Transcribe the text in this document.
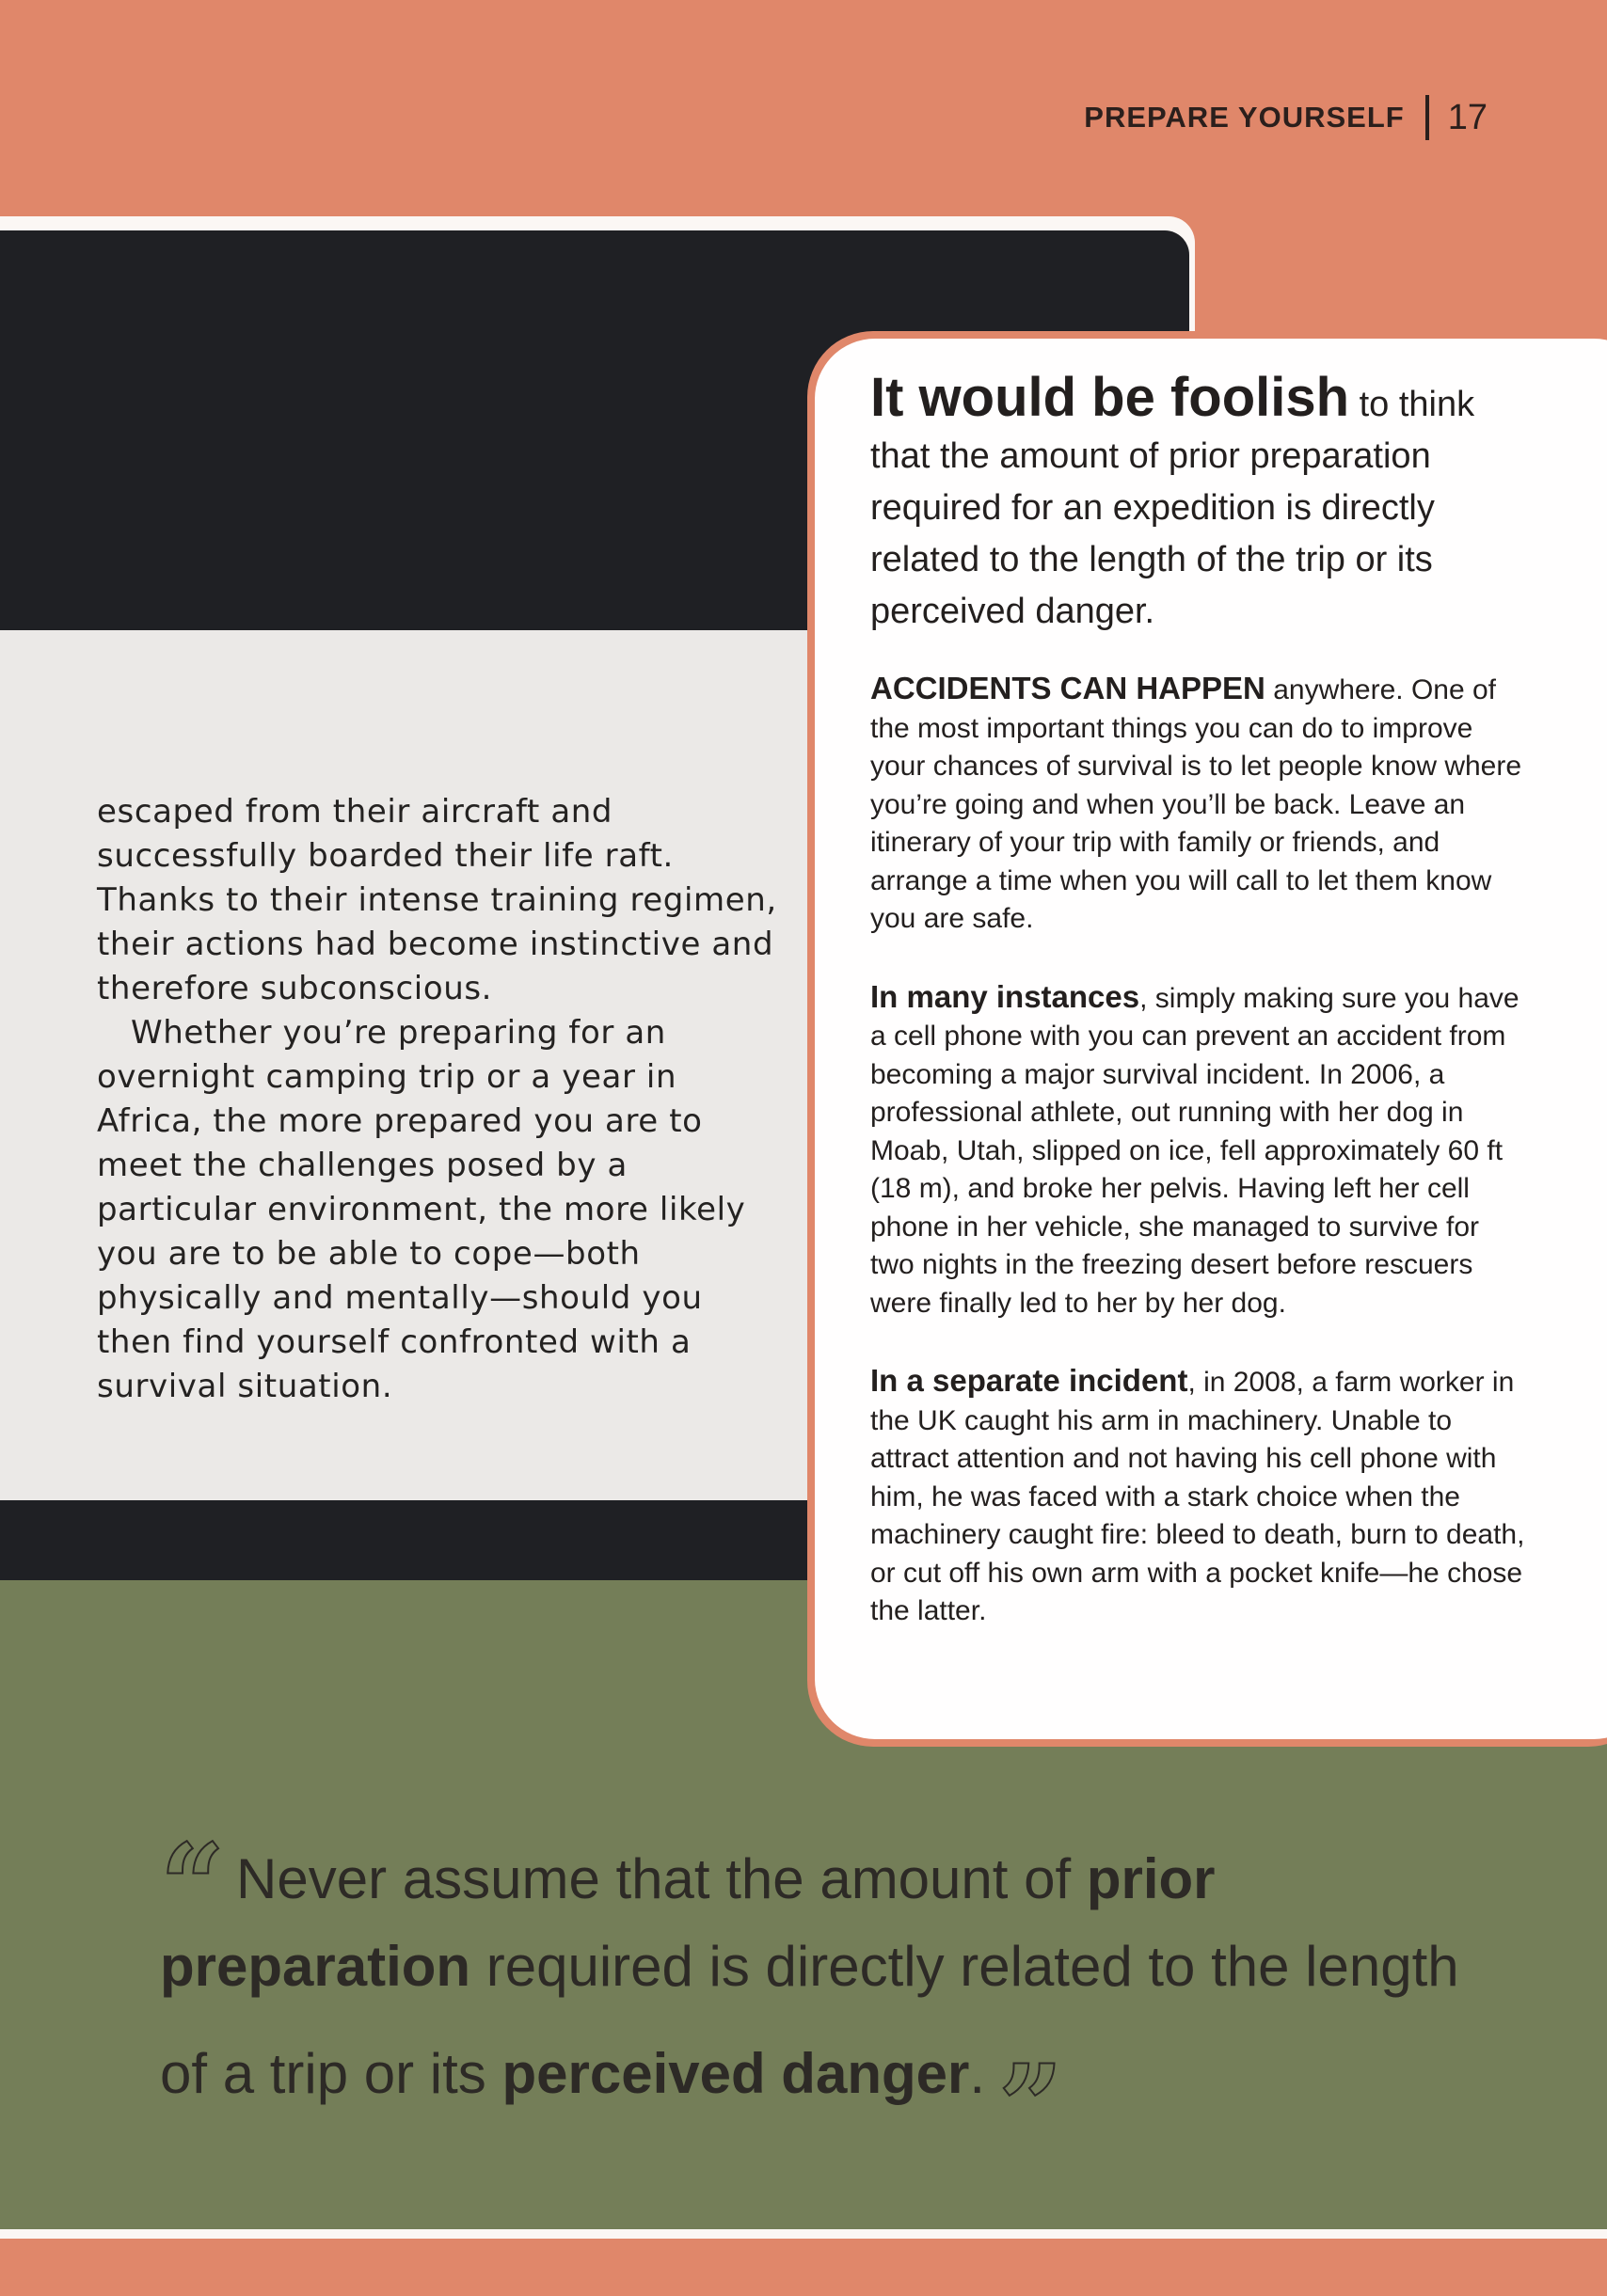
PREPARE YOURSELF 17

escaped from their aircraft and successfully boarded their life raft. Thanks to their intense training regimen, their actions had become instinctive and therefore subconscious.

Whether you’re preparing for an overnight camping trip or a year in Africa, the more prepared you are to meet the challenges posed by a particular environment, the more likely you are to be able to cope—both physically and mentally—should you then find yourself confronted with a survival situation.

It would be foolish to think that the amount of prior preparation required for an expedition is directly related to the length of the trip or its perceived danger.

ACCIDENTS CAN HAPPEN anywhere. One of the most important things you can do to improve your chances of survival is to let people know where you’re going and when you’ll be back. Leave an itinerary of your trip with family or friends, and arrange a time when you will call to let them know you are safe.

In many instances, simply making sure you have a cell phone with you can prevent an accident from becoming a major survival incident. In 2006, a professional athlete, out running with her dog in Moab, Utah, slipped on ice, fell approximately 60 ft (18 m), and broke her pelvis. Having left her cell phone in her vehicle, she managed to survive for two nights in the freezing desert before rescuers were finally led to her by her dog.

In a separate incident, in 2008, a farm worker in the UK caught his arm in machinery. Unable to attract attention and not having his cell phone with him, he was faced with a stark choice when the machinery caught fire: bleed to death, burn to death, or cut off his own arm with a pocket knife—he chose the latter.

“ Never assume that the amount of prior preparation required is directly related to the length of a trip or its perceived danger. ”
